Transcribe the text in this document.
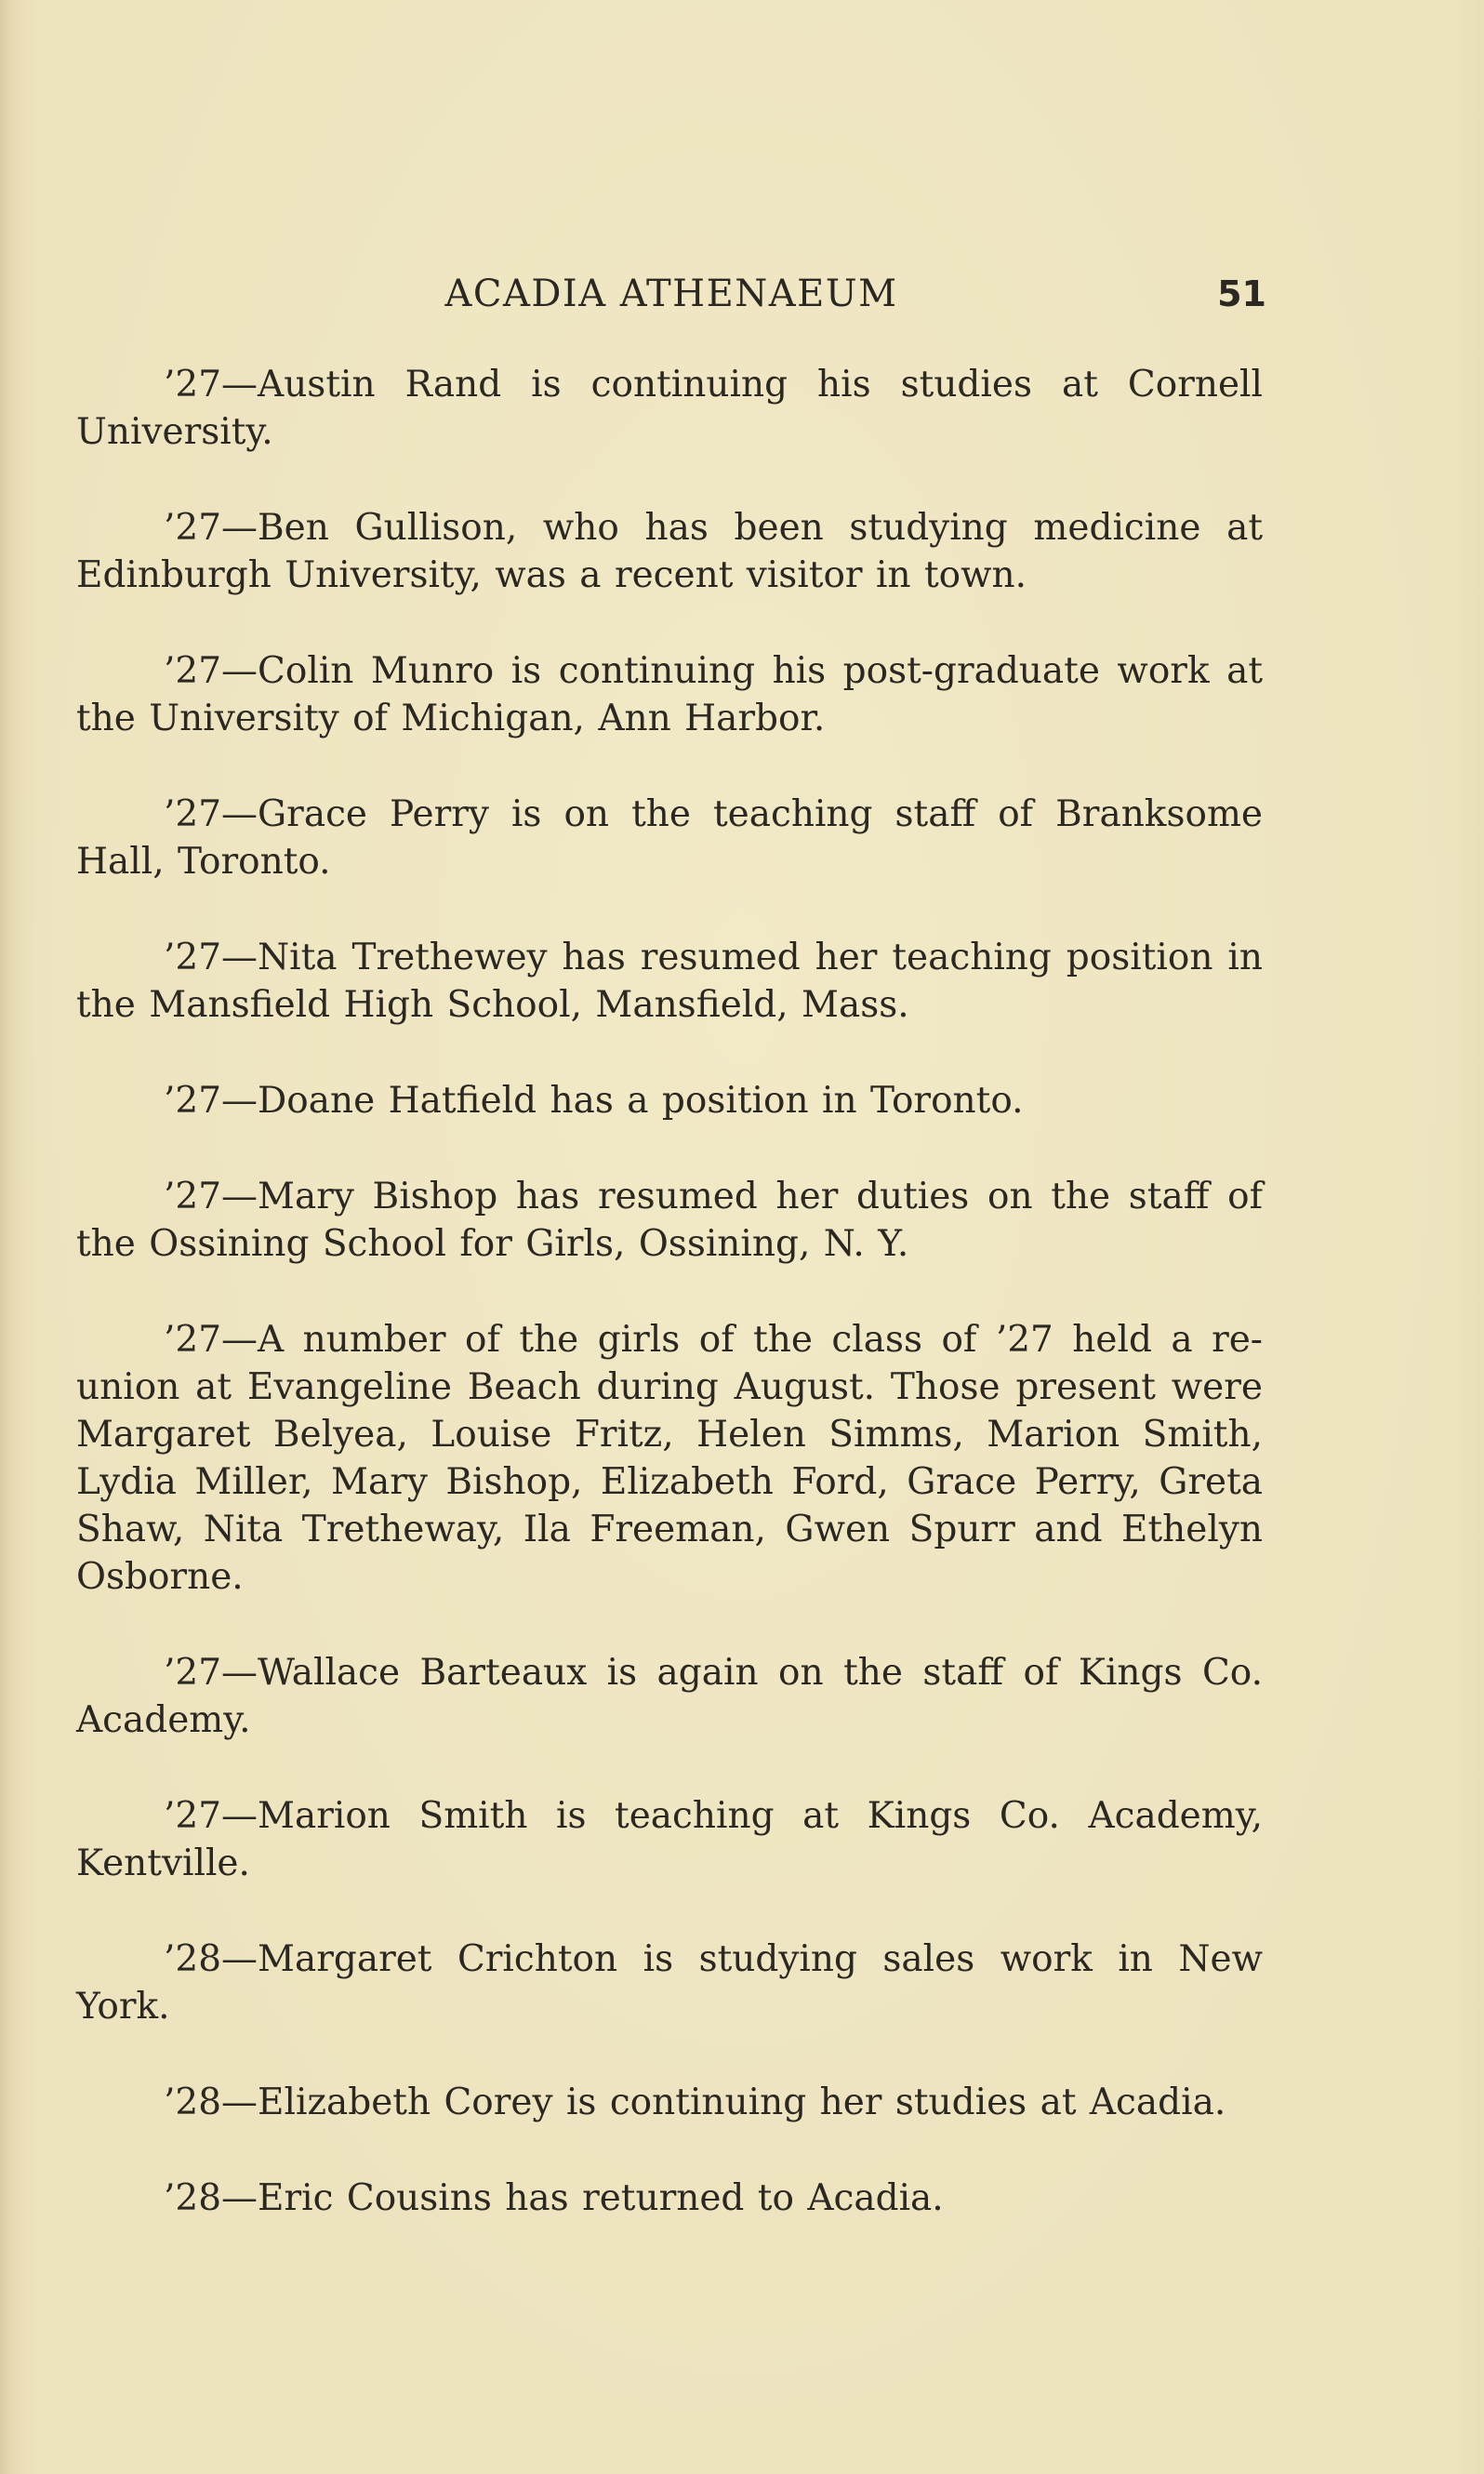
ACADIA ATHENAEUM	51

’27—Austin Rand is continuing his studies at Cornell University.

’27—Ben Gullison, who has been studying medicine at Edinburgh University, was a recent visitor in town.

’27—Colin Munro is continuing his post-graduate work at the University of Michigan, Ann Harbor.

’27—Grace Perry is on the teaching staff of Branksome Hall, Toronto.

’27—Nita Trethewey has resumed her teaching position in the Mansfield High School, Mansfield, Mass.

’27—Doane Hatfield has a position in Toronto.

’27—Mary Bishop has resumed her duties on the staff of the Ossining School for Girls, Ossining, N. Y.

’27—A number of the girls of the class of ’27 held a re-union at Evangeline Beach during August. Those present were Margaret Belyea, Louise Fritz, Helen Simms, Marion Smith, Lydia Miller, Mary Bishop, Elizabeth Ford, Grace Perry, Greta Shaw, Nita Tretheway, Ila Freeman, Gwen Spurr and Ethelyn Osborne.

’27—Wallace Barteaux is again on the staff of Kings Co. Academy.

’27—Marion Smith is teaching at Kings Co. Academy, Kentville.

’28—Margaret Crichton is studying sales work in New York.

’28—Elizabeth Corey is continuing her studies at Acadia.

’28—Eric Cousins has returned to Acadia.
